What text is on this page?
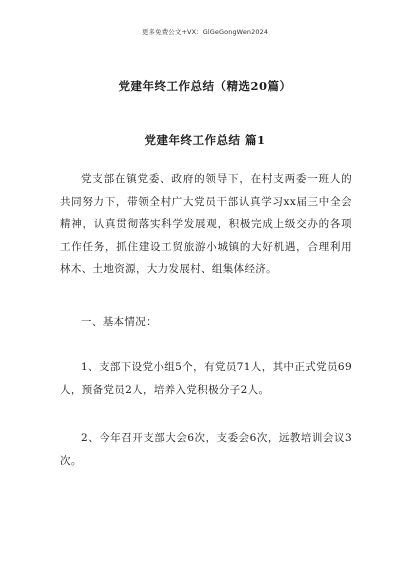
更多免费公文+VX：GlGeGongWen2024
党建年终工作总结（精选20篇）
党建年终工作总结 篇1

党支部在镇党委、政府的领导下，在村支两委一班人的共同努力下，带领全村广大党员干部认真学习xx届三中全会精神，认真贯彻落实科学发展观，积极完成上级交办的各项工作任务，抓住建设工贸旅游小城镇的大好机遇，合理利用林木、土地资源，大力发展村、组集体经济。

一、基本情况：

1、支部下设党小组5个，有党员71人，其中正式党员69人，预备党员2人，培养入党积极分子2人。

2、今年召开支部大会6次，支委会6次，远教培训会议3次。
